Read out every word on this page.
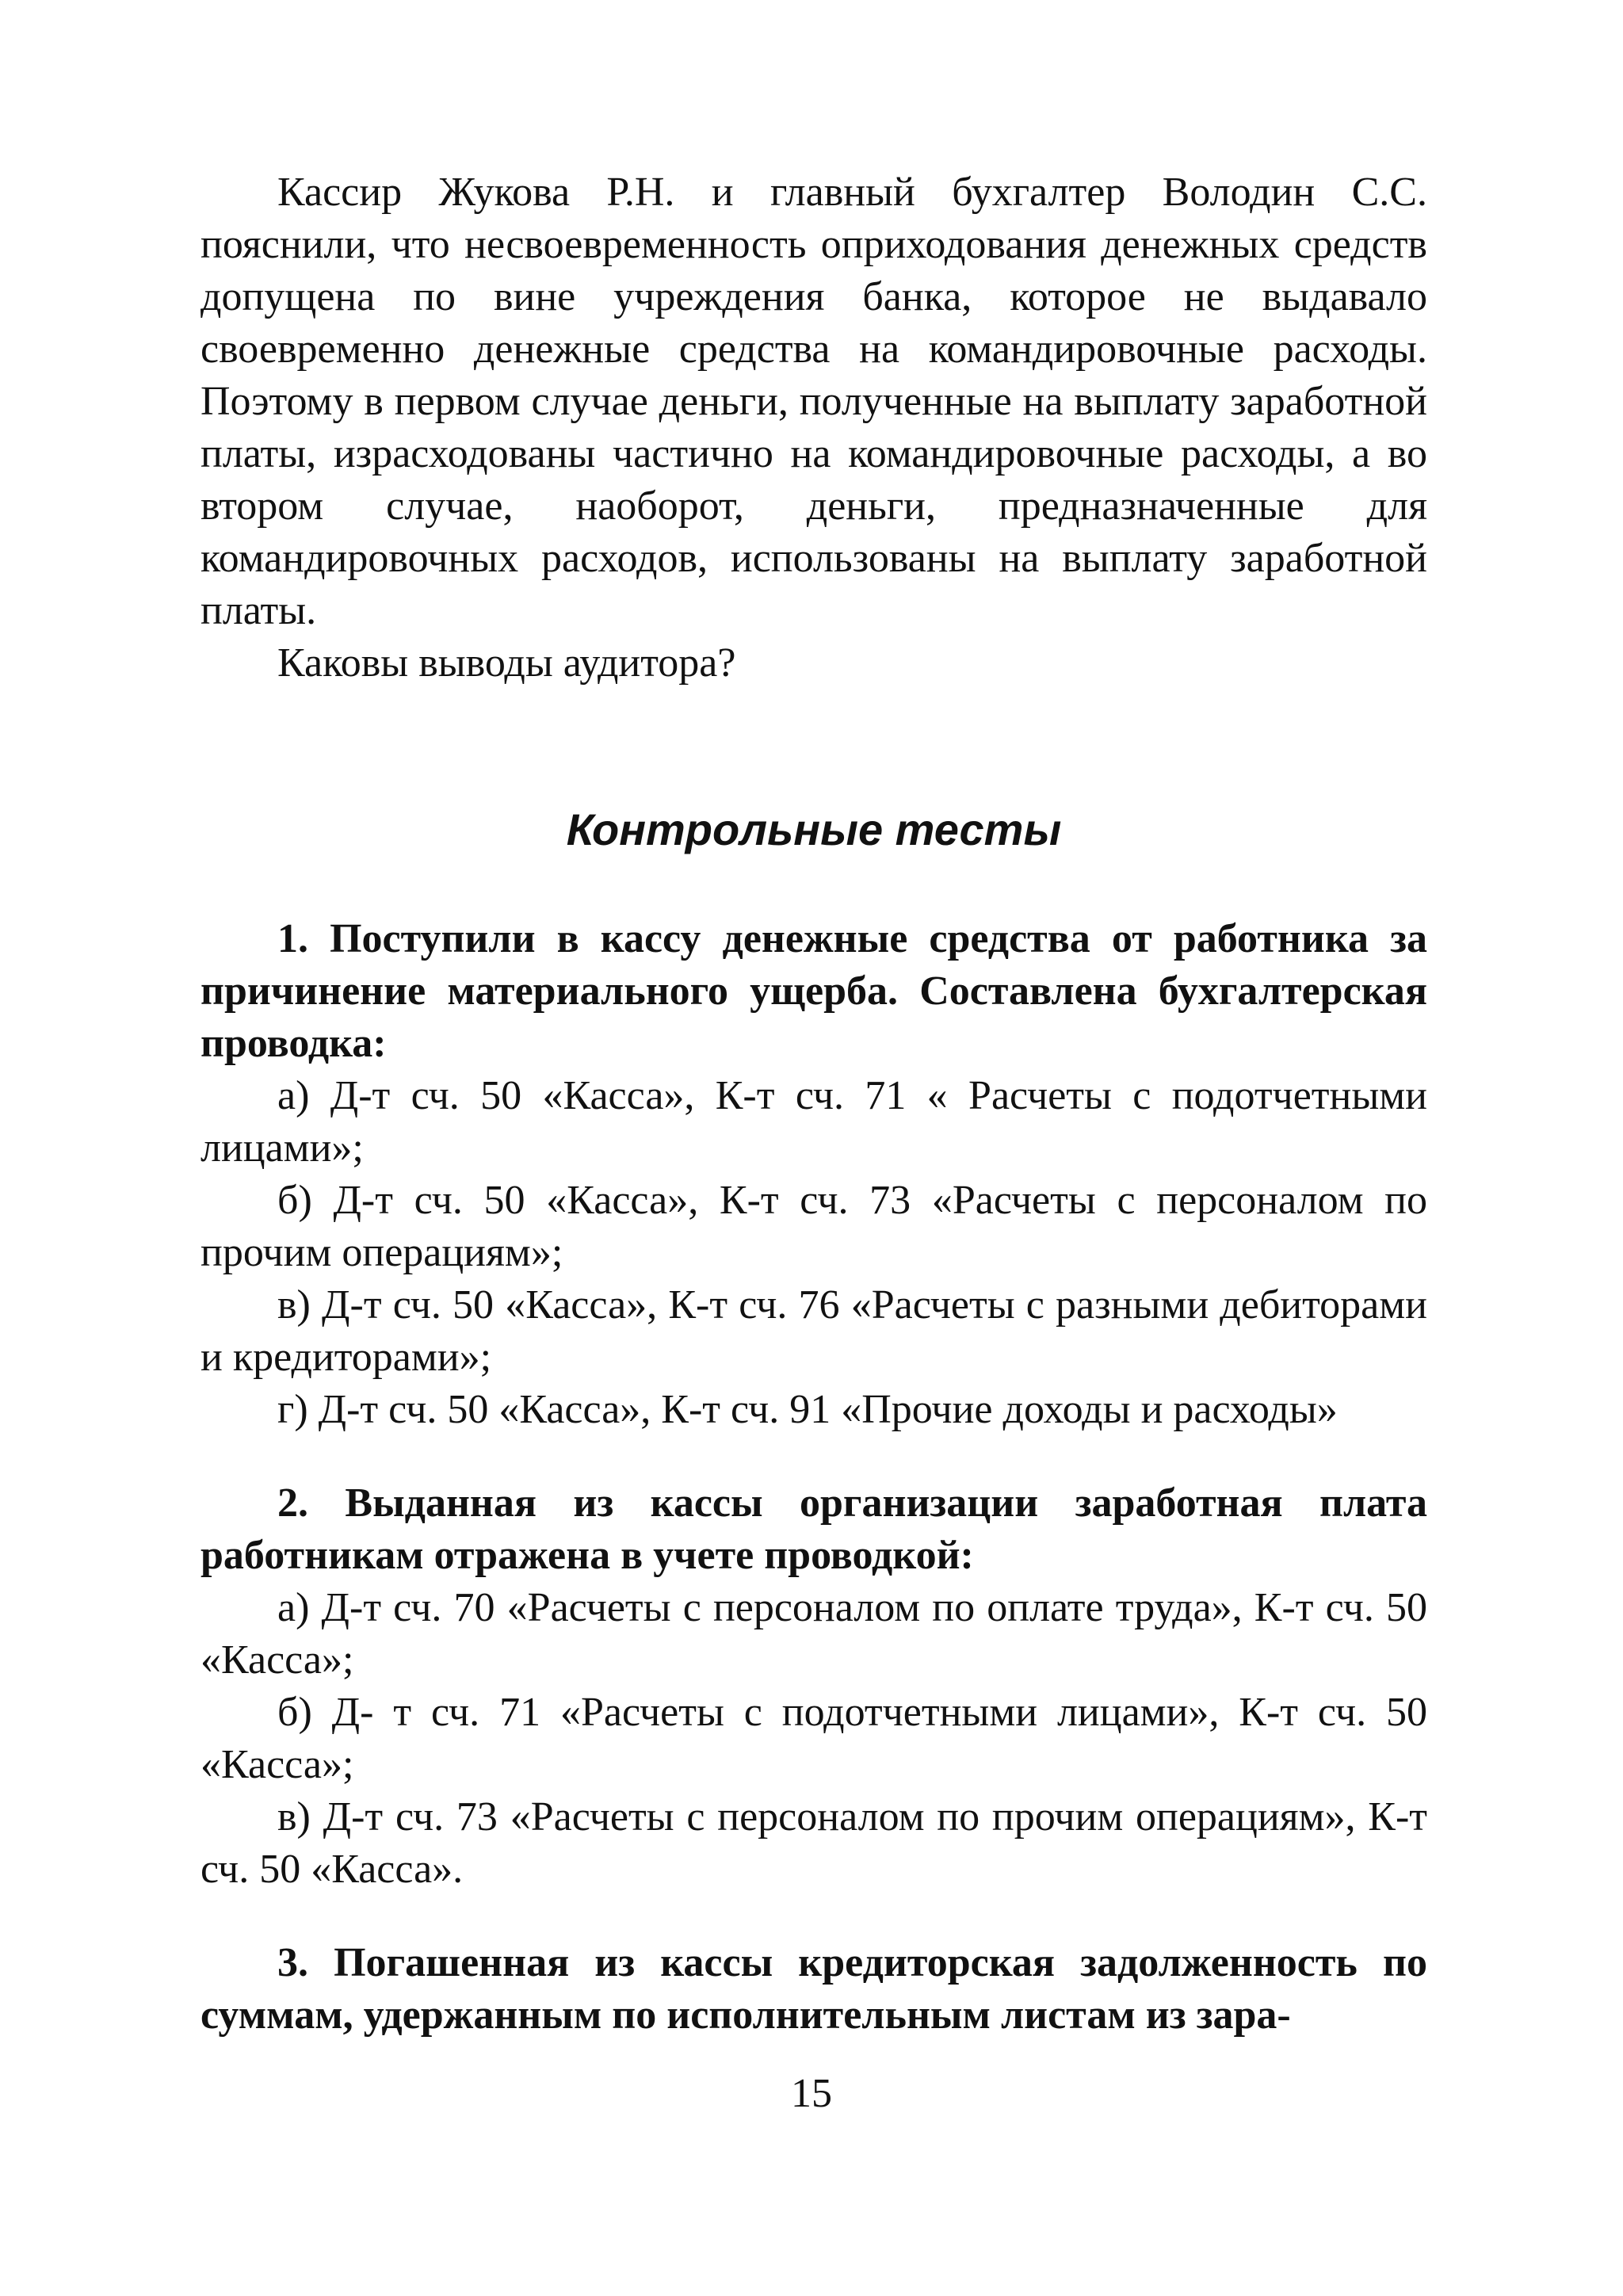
Кассир Жукова Р.Н. и главный бухгалтер Володин С.С. пояснили, что несвоевременность оприходования денежных средств допущена по вине учреждения банка, которое не выдавало своевременно денежные средства на командировочные расходы. Поэтому в первом случае деньги, полученные на выплату заработной платы, израсходованы частично на командировочные расходы, а во втором случае, наоборот, деньги, предназначенные для командировочных расходов, использованы на выплату заработной платы.

Каковы выводы аудитора?

Контрольные тесты

1. Поступили в кассу денежные средства от работника за причинение материального ущерба. Составлена бухгалтерская проводка:

а) Д-т сч. 50 «Касса», К-т сч. 71 « Расчеты с подотчетными лицами»;

б) Д-т сч. 50 «Касса», К-т сч. 73 «Расчеты с персоналом по прочим операциям»;

в) Д-т сч. 50 «Касса», К-т сч. 76 «Расчеты с разными дебиторами и кредиторами»;

г) Д-т сч. 50 «Касса», К-т сч. 91 «Прочие доходы и расходы»

2. Выданная из кассы организации заработная плата работникам отражена в учете проводкой:

а) Д-т сч. 70 «Расчеты с персоналом по оплате труда», К-т сч. 50 «Касса»;

б) Д- т сч. 71 «Расчеты с подотчетными лицами», К-т сч. 50 «Касса»;

в) Д-т сч. 73 «Расчеты с персоналом по прочим операциям», К-т сч. 50 «Касса».

3. Погашенная из кассы кредиторская задолженность по суммам, удержанным по исполнительным листам из зара-

15
